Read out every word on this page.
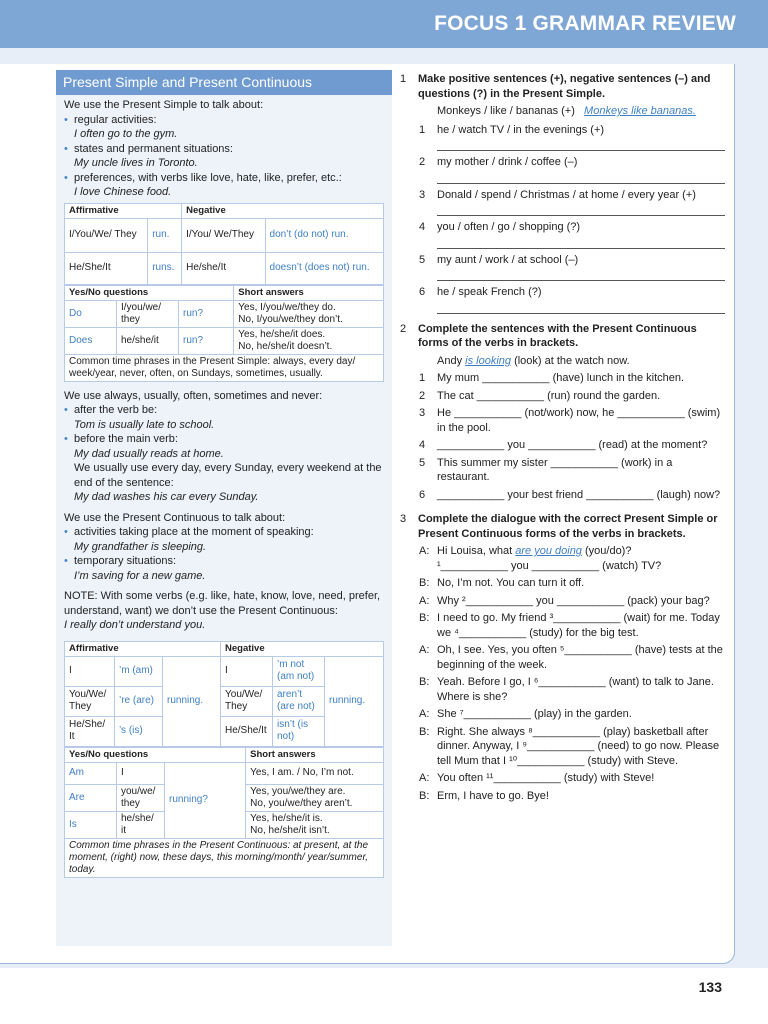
FOCUS 1 GRAMMAR REVIEW
Present Simple and Present Continuous
We use the Present Simple to talk about:
• regular activities:
I often go to the gym.
• states and permanent situations:
My uncle lives in Toronto.
• preferences, with verbs like love, hate, like, prefer, etc.:
I love Chinese food.
Affirmative		Negative	
I/You/We/ They	run.	I/You/ We/They	don’t (do not) run.
He/She/It	runs.	He/she/It	doesn’t (does not) run.
Yes/No questions			Short answers
Do	I/you/we/ they	run?	Yes, I/you/we/they do.
No, I/you/we/they don’t.

Does	he/she/it	run?	Yes, he/she/it does.
No, he/she/it doesn’t.

Common time phrases in the Present Simple: always, every day/ week/year, never, often, on Sundays, sometimes, usually.			
We use always, usually, often, sometimes and never:
• after the verb be:
Tom is usually late to school.
• before the main verb:
My dad usually reads at home.
We usually use every day, every Sunday, every weekend at the end of the sentence:
My dad washes his car every Sunday.
We use the Present Continuous to talk about:
• activities taking place at the moment of speaking:
My grandfather is sleeping.
• temporary situations:
I’m saving for a new game.
NOTE: With some verbs (e.g. like, hate, know, love, need, prefer, understand, want) we don’t use the Present Continuous:
I really don’t understand you.
Affirmative			Negative		
I	’m (am)	running.	I	’m not (am not)	running.
You/We/ They	’re (are)		You/We/ They	aren’t (are not)	
He/She/ It	’s (is)		He/She/It	isn’t (is not)	
Yes/No questions			Short answers
Am	I	running?	Yes, I am. / No, I’m not.
Are	you/we/ they		Yes, you/we/they are.
No, you/we/they aren’t.

Is	he/she/ it		Yes, he/she/it is.
No, he/she/it isn’t.

Common time phrases in the Present Continuous: at present, at the moment, (right) now, these days, this morning/month/ year/summer, today.			
1 Make positive sentences (+), negative sentences (–) and questions (?) in the Present Simple.
Monkeys / like / bananas (+) Monkeys like bananas.
1 he / watch TV / in the evenings (+)
2 my mother / drink / coffee (–)
3 Donald / spend / Christmas / at home / every year (+)
4 you / often / go / shopping (?)
5 my aunt / work / at school (–)
6 he / speak French (?)
2 Complete the sentences with the Present Continuous forms of the verbs in brackets.
Andy is looking (look) at the watch now.
1 My mum ___________ (have) lunch in the kitchen.
2 The cat ___________ (run) round the garden.
3 He ___________ (not/work) now, he ___________ (swim) in the pool.
4 ___________ you ___________ (read) at the moment?
5 This summer my sister ___________ (work) in a restaurant.
6 ___________ your best friend ___________ (laugh) now?
3 Complete the dialogue with the correct Present Simple or Present Continuous forms of the verbs in brackets.
A: Hi Louisa, what are you doing (you/do)?
¹___________ you ___________ (watch) TV?
B: No, I’m not. You can turn it off.
A: Why ²___________ you ___________ (pack) your bag?
B: I need to go. My friend ³___________ (wait) for me. Today we ⁴___________ (study) for the big test.
A: Oh, I see. Yes, you often ⁵___________ (have) tests at the beginning of the week.
B: Yeah. Before I go, I ⁶___________ (want) to talk to Jane. Where is she?
A: She ⁷___________ (play) in the garden.
B: Right. She always ⁸___________ (play) basketball after dinner. Anyway, I ⁹___________ (need) to go now. Please tell Mum that I ¹⁰___________ (study) with Steve.
A: You often ¹¹___________ (study) with Steve!
B: Erm, I have to go. Bye!
133
